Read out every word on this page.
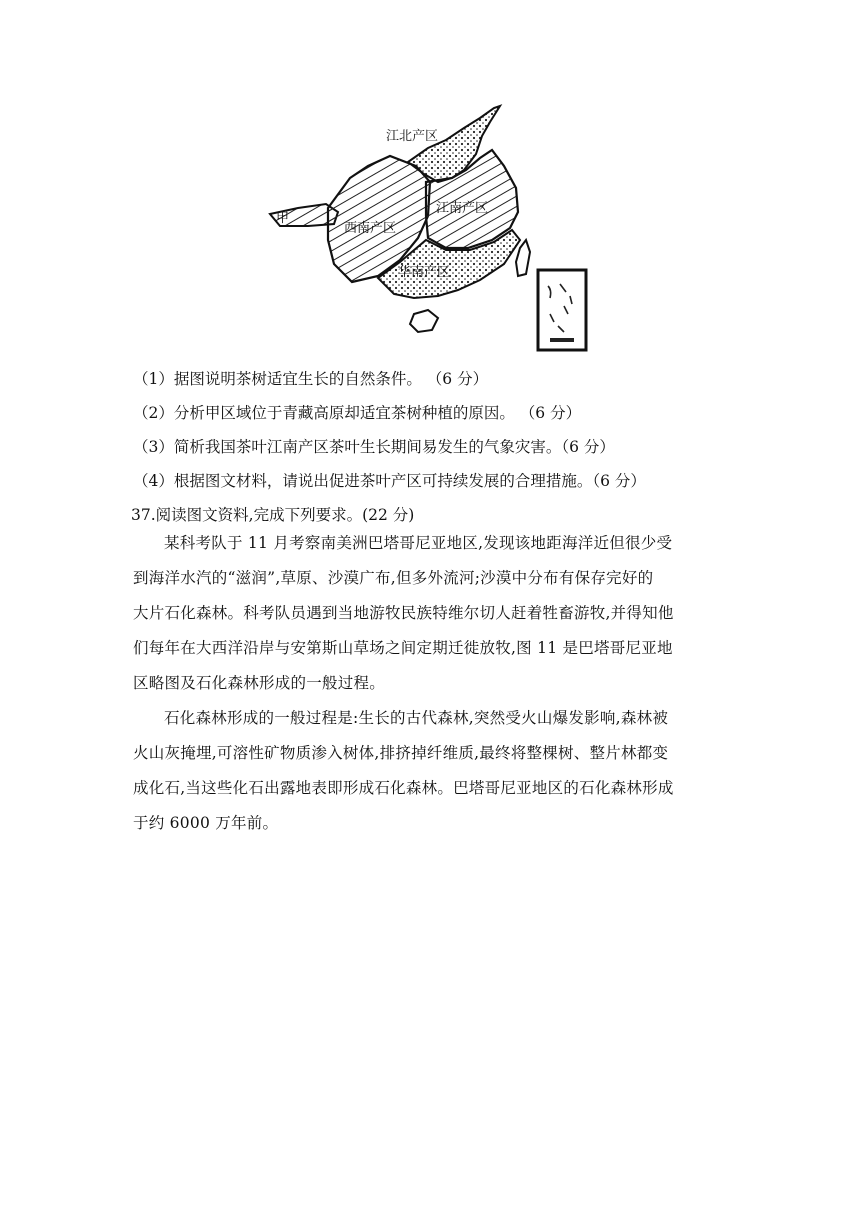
江北产区
江南产区
西南产区
华南产区
甲
（1）据图说明茶树适宜生长的自然条件。 （6 分）
（2）分析甲区域位于青藏高原却适宜茶树种植的原因。 （6 分）
（3）简析我国茶叶江南产区茶叶生长期间易发生的气象灾害。（6 分）
（4）根据图文材料，请说出促进茶叶产区可持续发展的合理措施。（6 分）
37.阅读图文资料,完成下列要求。(22 分)
某科考队于 11 月考察南美洲巴塔哥尼亚地区,发现该地距海洋近但很少受
到海洋水汽的“滋润”,草原、沙漠广布,但多外流河;沙漠中分布有保存完好的
大片石化森林。科考队员遇到当地游牧民族特维尔切人赶着牲畜游牧,并得知他
们每年在大西洋沿岸与安第斯山草场之间定期迁徙放牧,图 11 是巴塔哥尼亚地
区略图及石化森林形成的一般过程。
石化森林形成的一般过程是:生长的古代森林,突然受火山爆发影响,森林被
火山灰掩埋,可溶性矿物质渗入树体,排挤掉纤维质,最终将整棵树、整片林都变
成化石,当这些化石出露地表即形成石化森林。巴塔哥尼亚地区的石化森林形成
于约 6000 万年前。
